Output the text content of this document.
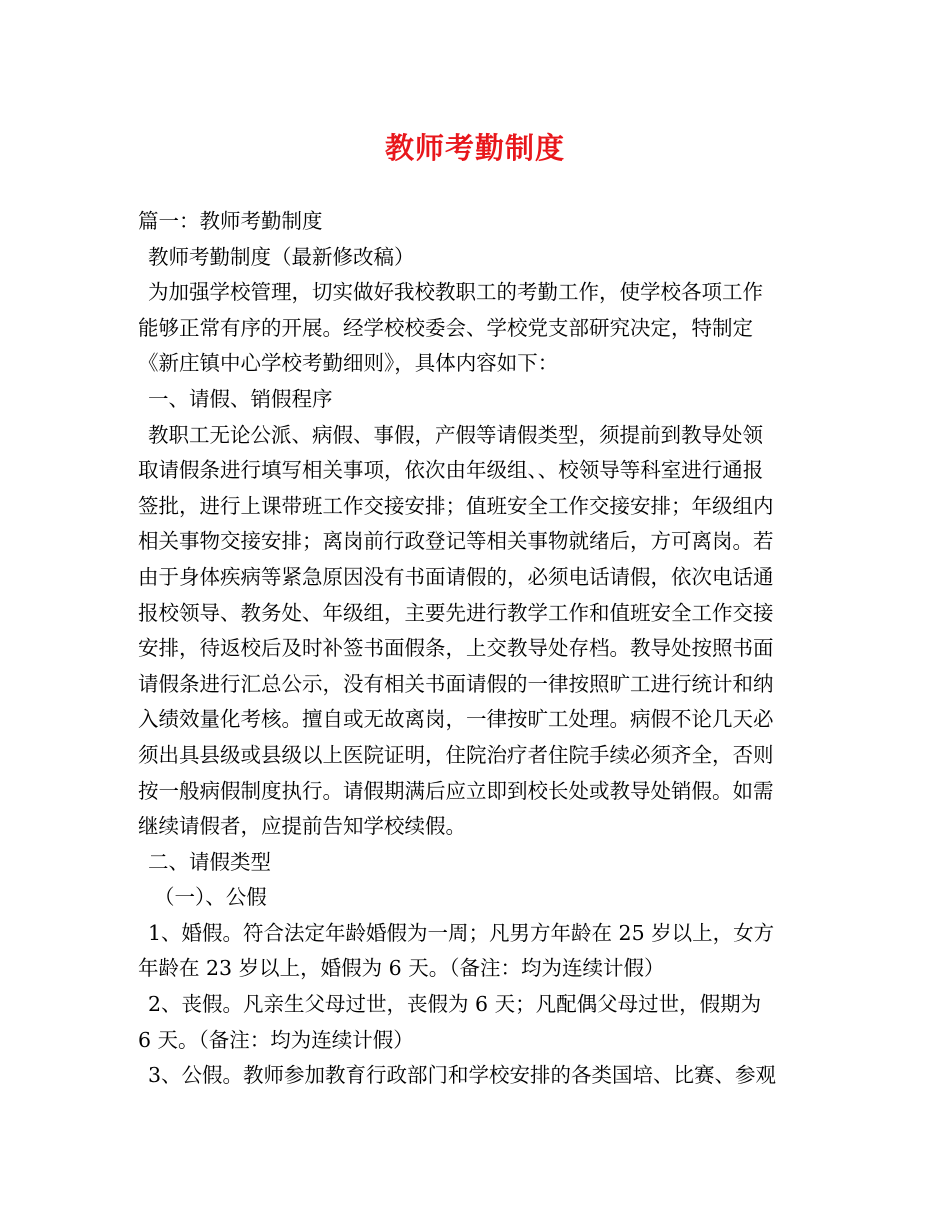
教师考勤制度
篇一：教师考勤制度
教师考勤制度（最新修改稿）
为加强学校管理，切实做好我校教职工的考勤工作，使学校各项工作
能够正常有序的开展。经学校校委会、学校党支部研究决定，特制定
《新庄镇中心学校考勤细则》，具体内容如下：
一、请假、销假程序
教职工无论公派、病假、事假，产假等请假类型，须提前到教导处领
取请假条进行填写相关事项，依次由年级组、、校领导等科室进行通报
签批，进行上课带班工作交接安排；值班安全工作交接安排；年级组内
相关事物交接安排；离岗前行政登记等相关事物就绪后，方可离岗。若
由于身体疾病等紧急原因没有书面请假的，必须电话请假，依次电话通
报校领导、教务处、年级组，主要先进行教学工作和值班安全工作交接
安排，待返校后及时补签书面假条，上交教导处存档。教导处按照书面
请假条进行汇总公示，没有相关书面请假的一律按照旷工进行统计和纳
入绩效量化考核。擅自或无故离岗，一律按旷工处理。病假不论几天必
须出具县级或县级以上医院证明，住院治疗者住院手续必须齐全，否则
按一般病假制度执行。请假期满后应立即到校长处或教导处销假。如需
继续请假者，应提前告知学校续假。
二、请假类型
（一）、公假
1、婚假。符合法定年龄婚假为一周；凡男方年龄在 25 岁以上，女方
年龄在 23 岁以上，婚假为 6 天。（备注：均为连续计假）
2、丧假。凡亲生父母过世，丧假为 6 天；凡配偶父母过世，假期为
6 天。（备注：均为连续计假）
3、公假。教师参加教育行政部门和学校安排的各类国培、比赛、参观
